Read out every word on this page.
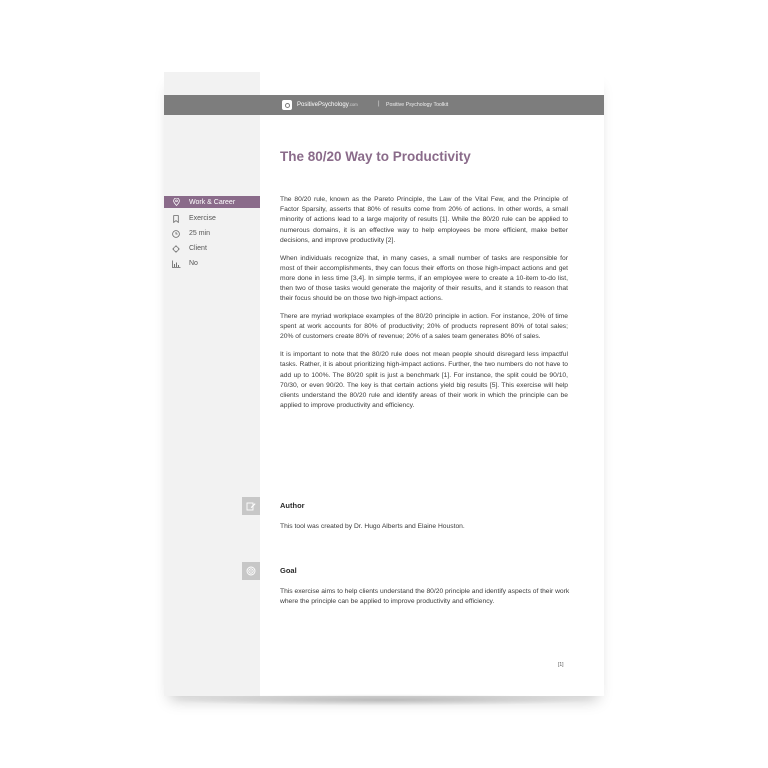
PositivePsychology.com	| Positive Psychology Toolkit
The 80/20 Way to Productivity
Work & Career
Exercise
25 min
Client
No

The 80/20 rule, known as the Pareto Principle, the Law of the Vital Few, and the Principle of Factor Sparsity, asserts that 80% of results come from 20% of actions. In other words, a small minority of actions lead to a large majority of results [1]. While the 80/20 rule can be applied to numerous domains, it is an effective way to help employees be more efficient, make better decisions, and improve productivity [2].

When individuals recognize that, in many cases, a small number of tasks are responsible for most of their accomplishments, they can focus their efforts on those high-impact actions and get more done in less time [3,4]. In simple terms, if an employee were to create a 10-item to-do list, then two of those tasks would generate the majority of their results, and it stands to reason that their focus should be on those two high-impact actions.

There are myriad workplace examples of the 80/20 principle in action. For instance, 20% of time spent at work accounts for 80% of productivity; 20% of products represent 80% of total sales; 20% of customers create 80% of revenue; 20% of a sales team generates 80% of sales.

It is important to note that the 80/20 rule does not mean people should disregard less impactful tasks. Rather, it is about prioritizing high-impact actions. Further, the two numbers do not have to add up to 100%. The 80/20 split is just a benchmark [1]. For instance, the split could be 90/10, 70/30, or even 90/20. The key is that certain actions yield big results [5]. This exercise will help clients understand the 80/20 rule and identify areas of their work in which the principle can be applied to improve productivity and efficiency.

Author

This tool was created by Dr. Hugo Alberts and Elaine Houston.

Goal

This exercise aims to help clients understand the 80/20 principle and identify aspects of their work where the principle can be applied to improve productivity and efficiency.

[1]
